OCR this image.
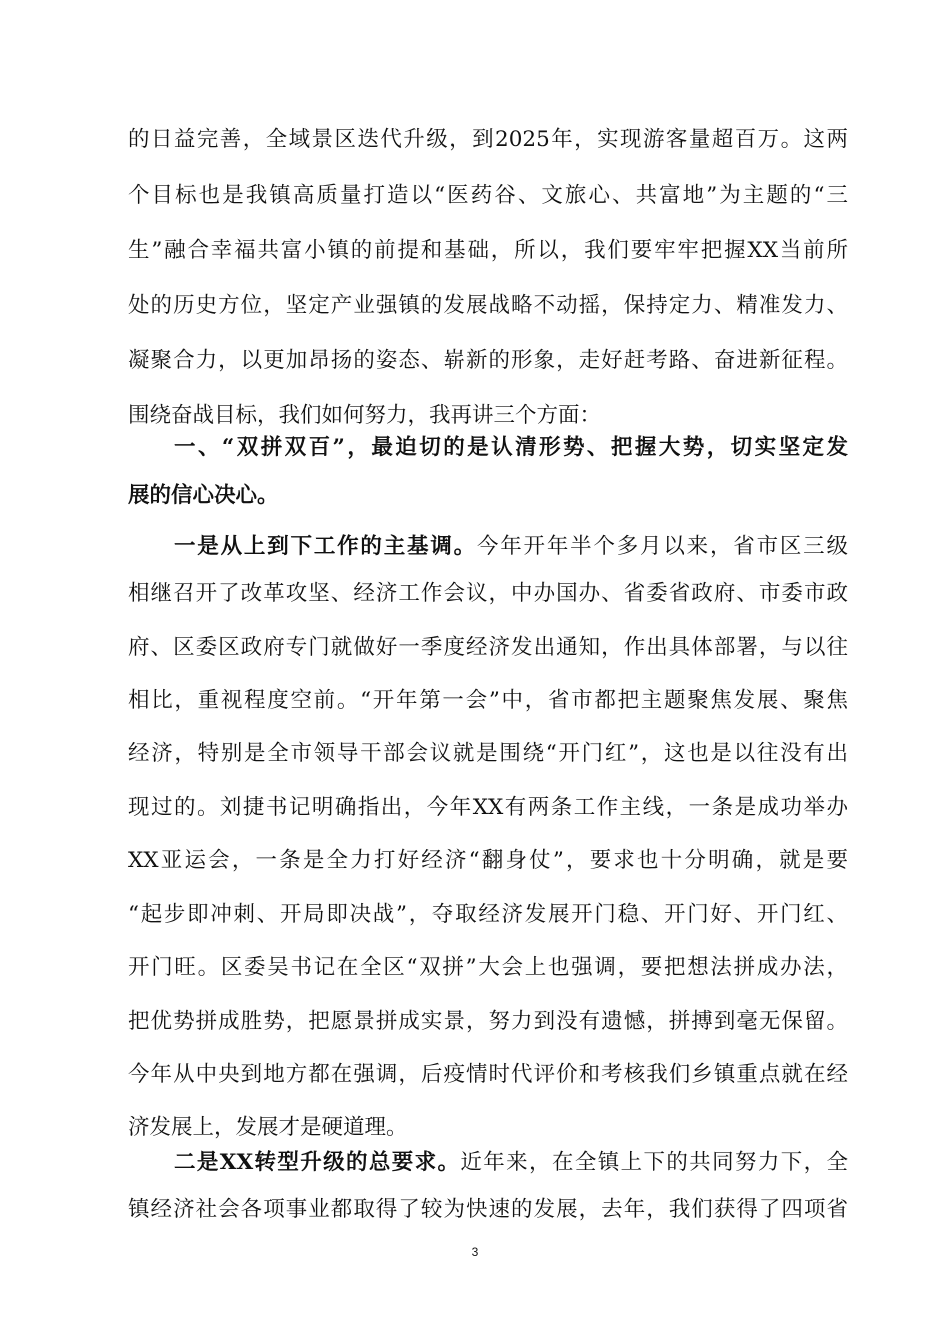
的日益完善，全域景区迭代升级，到2025年，实现游客量超百万。这两
个目标也是我镇高质量打造以“医药谷、文旅心、共富地”为主题的“三
生”融合幸福共富小镇的前提和基础，所以，我们要牢牢把握XX当前所
处的历史方位，坚定产业强镇的发展战略不动摇，保持定力、精准发力、
凝聚合力，以更加昂扬的姿态、崭新的形象，走好赶考路、奋进新征程。
围绕奋战目标，我们如何努力，我再讲三个方面：
一、“双拼双百”，最迫切的是认清形势、把握大势，切实坚定发
展的信心决心。
一是从上到下工作的主基调。今年开年半个多月以来，省市区三级
相继召开了改革攻坚、经济工作会议，中办国办、省委省政府、市委市政
府、区委区政府专门就做好一季度经济发出通知，作出具体部署，与以往
相比，重视程度空前。“开年第一会”中，省市都把主题聚焦发展、聚焦
经济，特别是全市领导干部会议就是围绕“开门红”，这也是以往没有出
现过的。刘捷书记明确指出，今年XX有两条工作主线，一条是成功举办
XX亚运会，一条是全力打好经济“翻身仗”，要求也十分明确，就是要
“起步即冲刺、开局即决战”，夺取经济发展开门稳、开门好、开门红、
开门旺。区委吴书记在全区“双拼”大会上也强调，要把想法拼成办法，
把优势拼成胜势，把愿景拼成实景，努力到没有遗憾，拼搏到毫无保留。
今年从中央到地方都在强调，后疫情时代评价和考核我们乡镇重点就在经
济发展上，发展才是硬道理。
二是XX转型升级的总要求。近年来，在全镇上下的共同努力下，全
镇经济社会各项事业都取得了较为快速的发展，去年，我们获得了四项省
3
